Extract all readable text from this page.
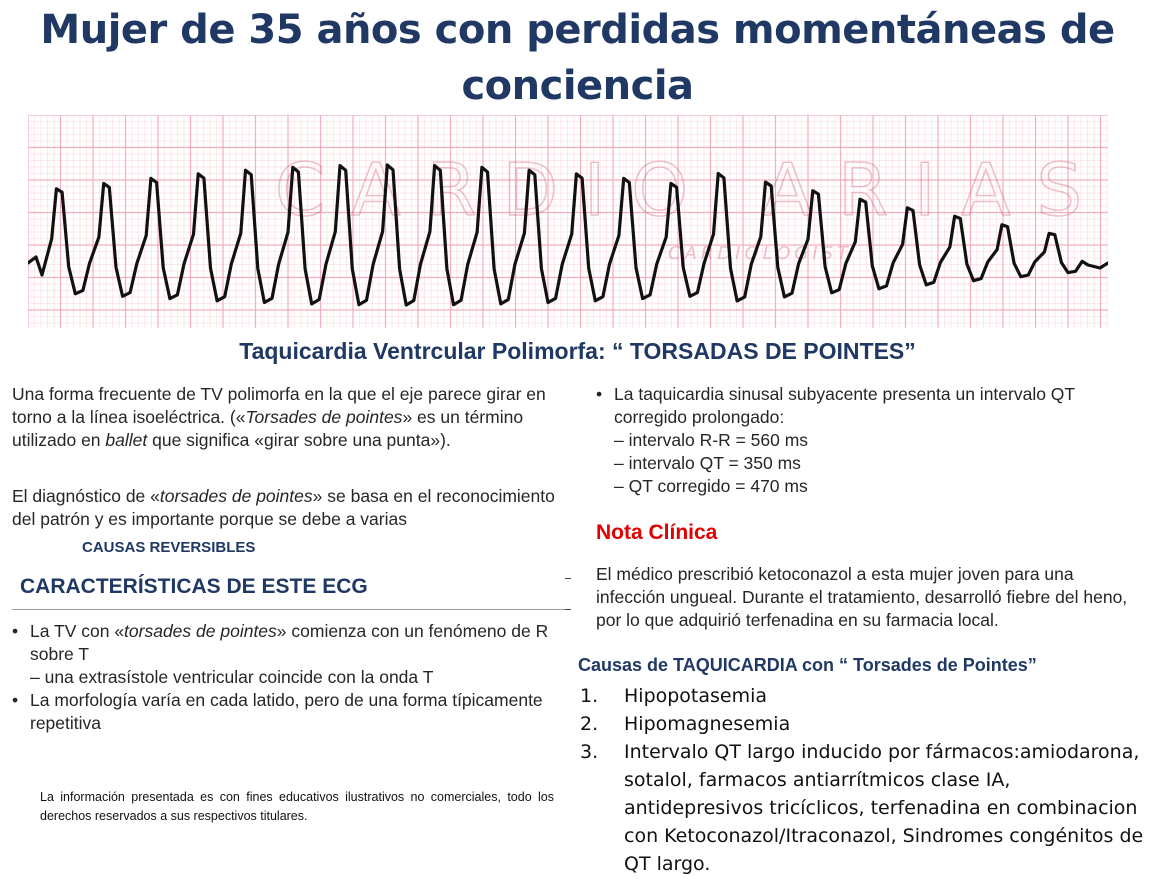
Mujer de 35 años con perdidas momentáneas de conciencia
CARDIO ARIAS
CARDIOLOGIST
Taquicardia Ventrcular Polimorfa: “ TORSADAS DE POINTES”

Una forma frecuente de TV polimorfa en la que el eje parece girar en torno a la línea isoeléctrica. («Torsades de pointes» es un término utilizado en ballet que significa «girar sobre una punta»).

El diagnóstico de «torsades de pointes» se basa en el reconocimiento del patrón y es importante porque se debe a varias

CAUSAS REVERSIBLES
CARACTERÍSTICAS DE ESTE ECG
• La TV con «torsades de pointes» comienza con un fenómeno de R sobre T
– una extrasístole ventricular coincide con la onda T
• La morfología varía en cada latido, pero de una forma típicamente repetitiva
• La taquicardia sinusal subyacente presenta un intervalo QT corregido prolongado:
– intervalo R-R = 560 ms
– intervalo QT = 350 ms
– QT corregido = 470 ms
Nota Clínica
El médico prescribió ketoconazol a esta mujer joven para una infección ungueal. Durante el tratamiento, desarrolló fiebre del heno, por lo que adquirió terfenadina en su farmacia local.
Causas de TAQUICARDIA con “ Torsades de Pointes”
1. Hipopotasemia
2. Hipomagnesemia
3. Intervalo QT largo inducido por fármacos:amiodarona, sotalol, farmacos antiarrítmicos clase IA, antidepresivos tricíclicos, terfenadina en combinacion con Ketoconazol/Itraconazol, Sindromes congénitos de QT largo.
La información presentada es con fines educativos ilustrativos no comerciales, todo los derechos reservados a sus respectivos titulares.
